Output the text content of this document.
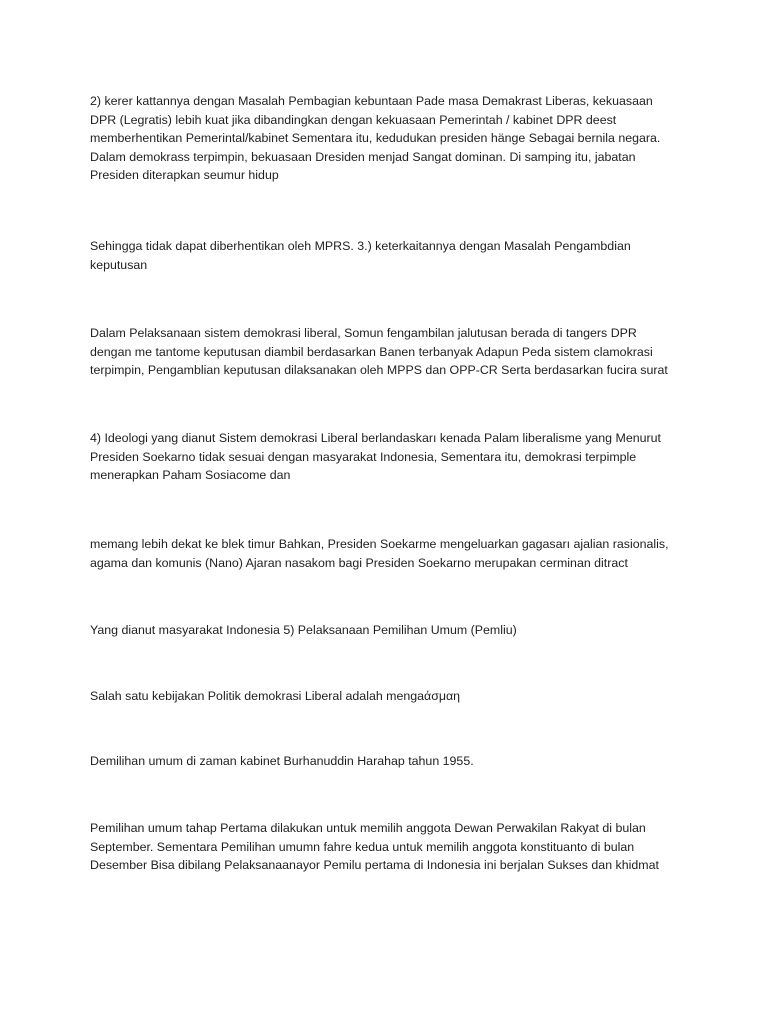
2) kerer kattannya dengan Masalah Pembagian kebuntaan Pade masa Demakrast Liberas, kekuasaan
DPR (Legratis) lebih kuat jika dibandingkan dengan kekuasaan Pemerintah / kabinet DPR deest
memberhentikan Pemerintal/kabinet Sementara itu, kedudukan presiden hänge Sebagai bernila negara.
Dalam demokrass terpimpin, bekuasaan Dresiden menjad Sangat dominan. Di samping itu, jabatan
Presiden diterapkan seumur hidup

Sehingga tidak dapat diberhentikan oleh MPRS. 3.) keterkaitannya dengan Masalah Pengambdian
keputusan

Dalam Pelaksanaan sistem demokrasi liberal, Somun fengambilan jalutusan berada di tangers DPR
dengan me tantome keputusan diambil berdasarkan Banen terbanyak Adapun Peda sistem clamokrasi
terpimpin, Pengamblian keputusan dilaksanakan oleh MPPS dan OPP-CR Serta berdasarkan fucira surat

4) Ideologi yang dianut Sistem demokrasi Liberal berlandaskarı kenada Palam liberalisme yang Menurut
Presiden Soekarno tidak sesuai dengan masyarakat Indonesia, Sementara itu, demokrasi terpimple
menerapkan Paham Sosiacome dan

memang lebih dekat ke blek timur Bahkan, Presiden Soekarme mengeluarkan gagasarı ajalian rasionalis,
agama dan komunis (Nano) Ajaran nasakom bagi Presiden Soekarno merupakan cerminan ditract

Yang dianut masyarakat Indonesia 5) Pelaksanaan Pemilihan Umum (Pemliu)

Salah satu kebijakan Politik demokrasi Liberal adalah mengaάσμαη

Demilihan umum di zaman kabinet Burhanuddin Harahap tahun 1955.

Pemilihan umum tahap Pertama dilakukan untuk memilih anggota Dewan Perwakilan Rakyat di bulan
September. Sementara Pemilihan umumn fahre kedua untuk memilih anggota konstituanto di bulan
Desember Bisa dibilang Pelaksanaanayor Pemilu pertama di Indonesia ini berjalan Sukses dan khidmat
